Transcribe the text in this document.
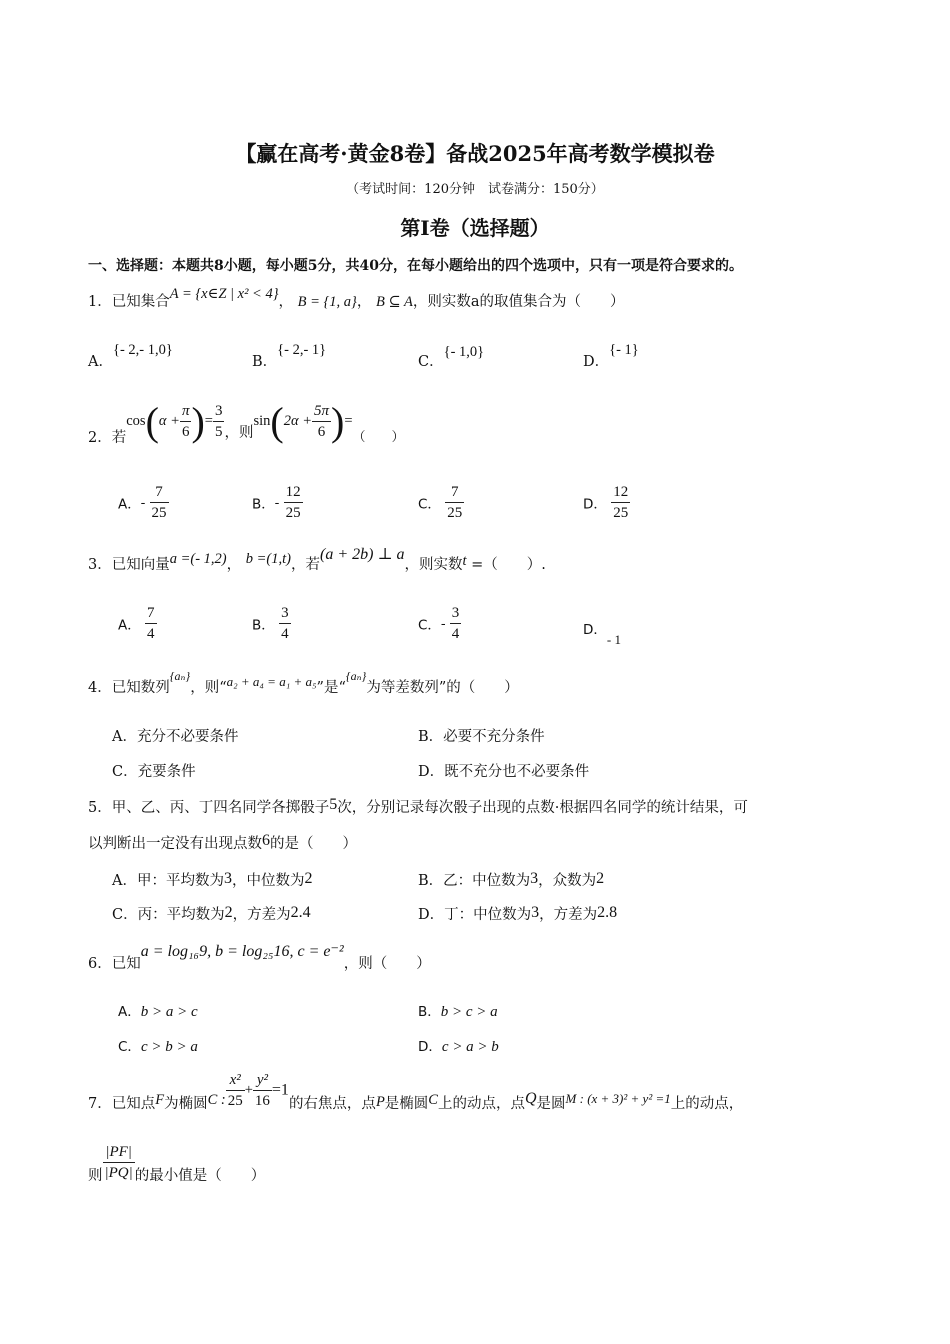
【赢在高考·黄金8卷】备战2025年高考数学模拟卷
（考试时间：120分钟　试卷满分：150分）
第I卷（选择题）
一、选择题：本题共8小题，每小题5分，共40分，在每小题给出的四个选项中，只有一项是符合要求的。
1．已知集合A = {x∈Z | x² < 4}， B = {1, a}， B ⊆ A，则实数a的取值集合为（　　）
A．{- 2,- 1,0}
B．{- 2,- 1}
C．{- 1,0}
D．{- 1}
2．若$\cos(\alpha + \frac{\pi}{6}$ )= $\frac{3}{5}$ ，则$\sin(2\alpha + \frac{5\pi}{6}$ )=（　　）
A．- $\frac{7}{25}$	B．- $\frac{12}{25}$	C． $\frac{7}{25}$	D． $\frac{12}{25}$
3．已知向量a =(- 1,2)， b =(1,t)，若(a + 2b) ⊥ a，则实数t =（　　）.
A． $\frac{7}{4}$	B． $\frac{3}{4}$	C．- $\frac{3}{4}$	D．- 1
4．已知数列$^{\{a_n\}}$，则“a₂ + a₄ = a₁ + a₅”是“$^{\{a_n\}}$为等差数列”的（　　）
A．充分不必要条件	B．必要不充分条件
C．充要条件	D．既不充分也不必要条件
5．甲、乙、丙、丁四名同学各掷骰子5次，分别记录每次骰子出现的点数·根据四名同学的统计结果，可
以判断出一定没有出现点数6的是（　　）
A．甲：平均数为3，中位数为2	B．乙：中位数为3，众数为2
C．丙：平均数为2，方差为2.4	D．丁：中位数为3，方差为2.8
6．已知a = log₁₆9, b = log₂₅16, c = e⁻²，则（　　）
A．b > a > c	B．b > c > a
C．c > b > a	D．c > a > b
7．已知点F为椭圆C : $\frac{\text{x²}}{25} + \frac{\text{y²}}{16} =1$的右焦点，点P是椭圆C上的动点，点Q是圆M : (x + 3)² + y² =1上的动点，
则 $\frac{|PF|}{|PQ|}$ 的最小值是（　　）
